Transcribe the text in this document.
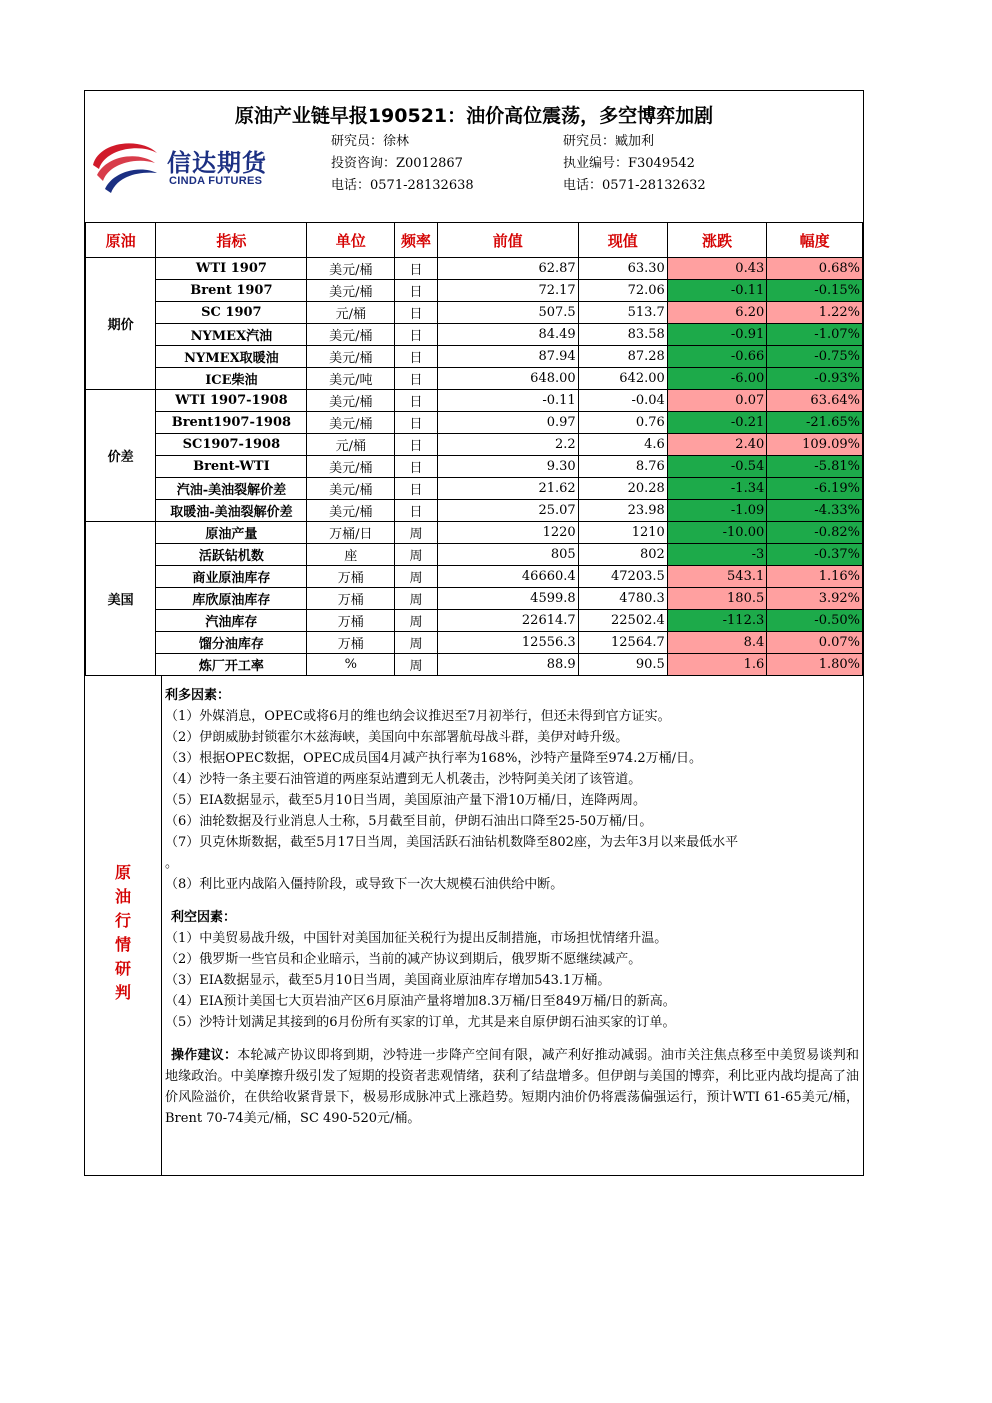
原油产业链早报190521：油价高位震荡，多空博弈加剧
信达期货
CINDA FUTURES
研究员：徐林
投资咨询：Z0012867
电话：0571-28132638
研究员：臧加利
执业编号：F3049542
电话：0571-28132632
原油	指标	单位	频率	前值	现值	涨跌	幅度
期价	WTI 1907	美元/桶	日	62.87	63.30	0.43	0.68%
	Brent 1907	美元/桶	日	72.17	72.06	-0.11	-0.15%
	SC 1907	元/桶	日	507.5	513.7	6.20	1.22%
	NYMEX汽油	美元/桶	日	84.49	83.58	-0.91	-1.07%
	NYMEX取暖油	美元/桶	日	87.94	87.28	-0.66	-0.75%
	ICE柴油	美元/吨	日	648.00	642.00	-6.00	-0.93%
价差	WTI 1907-1908	美元/桶	日	-0.11	-0.04	0.07	63.64%
	Brent1907-1908	美元/桶	日	0.97	0.76	-0.21	-21.65%
	SC1907-1908	元/桶	日	2.2	4.6	2.40	109.09%
	Brent-WTI	美元/桶	日	9.30	8.76	-0.54	-5.81%
	汽油-美油裂解价差	美元/桶	日	21.62	20.28	-1.34	-6.19%
	取暖油-美油裂解价差	美元/桶	日	25.07	23.98	-1.09	-4.33%
美国	原油产量	万桶/日	周	1220	1210	-10.00	-0.82%
	活跃钻机数	座	周	805	802	-3	-0.37%
	商业原油库存	万桶	周	46660.4	47203.5	543.1	1.16%
	库欣原油库存	万桶	周	4599.8	4780.3	180.5	3.92%
	汽油库存	万桶	周	22614.7	22502.4	-112.3	-0.50%
	馏分油库存	万桶	周	12556.3	12564.7	8.4	0.07%
	炼厂开工率	%	周	88.9	90.5	1.6	1.80%
原
油
行
情
研
判
利多因素：
（1）外媒消息，OPEC或将6月的维也纳会议推迟至7月初举行，但还未得到官方证实。
（2）伊朗威胁封锁霍尔木兹海峡，美国向中东部署航母战斗群，美伊对峙升级。
（3）根据OPEC数据，OPEC成员国4月减产执行率为168%，沙特产量降至974.2万桶/日。
（4）沙特一条主要石油管道的两座泵站遭到无人机袭击，沙特阿美关闭了该管道。
（5）EIA数据显示，截至5月10日当周，美国原油产量下滑10万桶/日，连降两周。
（6）油轮数据及行业消息人士称，5月截至目前，伊朗石油出口降至25-50万桶/日。
（7）贝克休斯数据，截至5月17日当周，美国活跃石油钻机数降至802座，为去年3月以来最低水平
。
（8）利比亚内战陷入僵持阶段，或导致下一次大规模石油供给中断。
利空因素：
（1）中美贸易战升级，中国针对美国加征关税行为提出反制措施，市场担忧情绪升温。
（2）俄罗斯一些官员和企业暗示，当前的减产协议到期后，俄罗斯不愿继续减产。
（3）EIA数据显示，截至5月10日当周，美国商业原油库存增加543.1万桶。
（4）EIA预计美国七大页岩油产区6月原油产量将增加8.3万桶/日至849万桶/日的新高。
（5）沙特计划满足其接到的6月份所有买家的订单，尤其是来自原伊朗石油买家的订单。
操作建议：本轮减产协议即将到期，沙特进一步降产空间有限，减产利好推动减弱。油市关注焦点移至中美贸易谈判和地缘政治。中美摩擦升级引发了短期的投资者悲观情绪，获利了结盘增多。但伊朗与美国的博弈，利比亚内战均提高了油价风险溢价，在供给收紧背景下，极易形成脉冲式上涨趋势。短期内油价仍将震荡偏强运行，预计WTI 61-65美元/桶，Brent 70-74美元/桶，SC 490-520元/桶。
